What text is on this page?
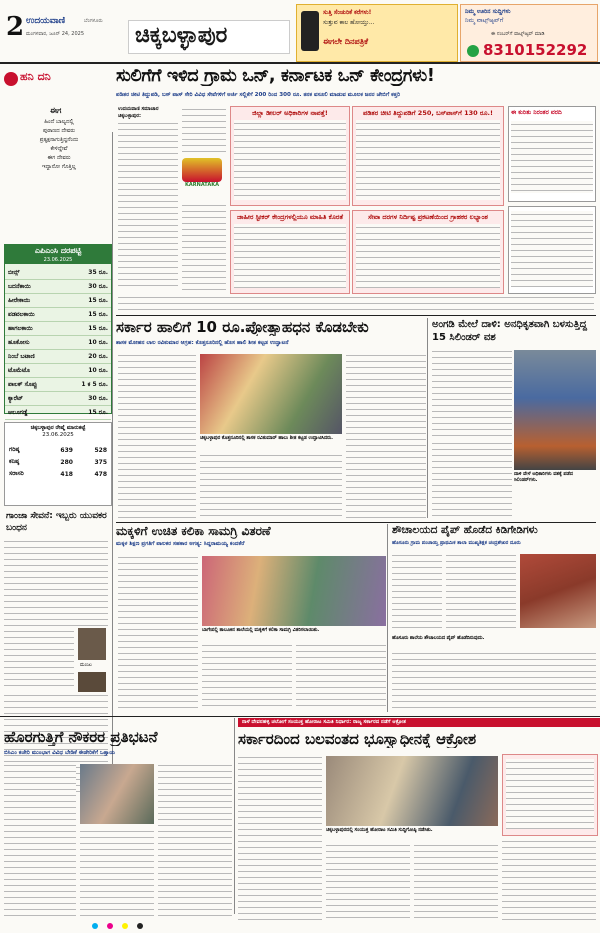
2 ಉದಯವಾಣಿ	ಬೆಂಗಳೂರು
ಮಂಗಳವಾರ, ಜೂನ್ 24, 2025 ಚಿಕ್ಕಬಳ್ಳಾಪುರ
ಸುತ್ತಿ ಸೆಂಚುರಿಕೆ ಕರೆಗಳು!
ಸುತ್ತುವ ಕಾಲ ಹೋಯ್ತು...
ಈಗಲೇ ದಿನಪತ್ರಿಕೆ
ನಿಮ್ಮ ಊರಿನ ಸುದ್ದಿಗಳು
ನಿಮ್ಮ ವಾಟ್ಸ್‌ಆ್ಯಪ್‌ಗೆ
8310152292
ಈ ನಂಬರ್‌ಗೆ ವಾಟ್ಸ್‌ಆ್ಯಪ್ ಮಾಡಿ
ಹನಿ ದನಿ
ಈಗ
ಹಿಂದೆ ಬಾಲ್ಯದಲ್ಲಿ
ಪುರಾಣದ ದೇವರು
ಪ್ರತ್ಯಕ್ಷನಾಗುತ್ತಿದ್ದನೆಂದು
ಕೇಳಿದ್ದೇವೆ
ಈಗ ದೇವರು
ಇದ್ದಾನೋ ಗೊತ್ತಿಲ್ಲ
ಎಪಿಎಂಸಿ ದರಪಟ್ಟಿ
23.06.2025
ಬೀನ್ಸ್	35 ರೂ.
ಬದನೆಕಾಯಿ	30 ರೂ.
ಹೀರೇಕಾಯಿ	15 ರೂ.
ಪಡವಲಕಾಯಿ	15 ರೂ.
ಹಾಗಲಕಾಯಿ	15 ರೂ.
ಹೂಕೋಸು	10 ರೂ.
ನಿಂಬೆ ಬಟಾಣಿ	20 ರೂ.
ಟೊಮೆಟೊ	10 ರೂ.
ಪಾಲಕ್ ಸೊಪ್ಪು	1 ಕ 5 ರೂ.
ಕ್ಯಾರೆಟ್	30 ರೂ.
ಆಲೂಗಡ್ಡೆ	15 ರೂ.
ಚಿಕ್ಕಬಳ್ಳಾಪುರ ರೇಷ್ಮೆ ಮಾರುಕಟ್ಟೆ
23.06.2025
ಗರಿಷ್ಠ	639	528
ಕನಿಷ್ಠ	280	375
ಸರಾಸರಿ	418	478
ಗಾಂಜಾ ಸೇವನೆ: ಇಬ್ಬರು ಯುವಕರ ಬಂಧನ
ಮಂಜು
ಸುಲಿಗೆಗೆ ಇಳಿದ ಗ್ರಾಮ ಒನ್, ಕರ್ನಾಟಕ ಒನ್ ಕೇಂದ್ರಗಳು!
ಪಡಿತರ ಚೀಟಿ ತಿದ್ದುಪಡಿ, ಬಸ್ ಪಾಸ್ ಸೇರಿ ವಿವಿಧ ಸೇವೆಗಳಿಗೆ ಅರ್ಜಿ ಸಲ್ಲಿಕೆಗೆ 200 ರಿಂದ 300 ರೂ. ತನಕ ವಸೂಲಿ ಮಾಡುವ ಮೂಲಕ ಜನರ ಜೇಬಿಗೆ ಕತ್ತರಿ
ಉದಯವಾಣಿ ಸಮಾಚಾರ
ಚಿಕ್ಕಬಳ್ಳಾಪುರ:
KARNATAKA
ಜಿಲ್ಲಾ ಡೀಲರ್ ಅಧಿಕಾರಿಗಳ ನಾಪತ್ತೆ!
ಜಾಹೀರ ಸ್ಟೀಕರ್ ಕೇಂದ್ರಗಳಲ್ಲಿಯೂ ಮಾಹಿತಿ ಕೊರತೆ
ಪಡಿತರ ಚೀಟಿ ತಿದ್ದುಪಡಿಗೆ 250, ಬಸ್‌ಪಾಸ್‌ಗೆ 130 ರೂ.!
ಸೇವಾ ದರಗಳ ನಿರ್ದಿಷ್ಟ ಪ್ರಕಟಣೆಯಿಂದ ಗ್ರಾಹಕರ ಲಭ್ಯಾಂಶ
ಈ ಕುರಿತು ನಿರಂತರ ವರದಿ
ಸರ್ಕಾರ ಹಾಲಿಗೆ 10 ರೂ.ಪ್ರೋತ್ಸಾಹಧನ ಕೊಡಬೇಕು
ಶಾಸಕ ಮೋಹನ ಲಾಲ ರವಿಕುಮಾರ ಆಗ್ರಹ: ಕೊತ್ತನೂರಿನಲ್ಲಿ ಹೊಸ ಹಾಲಿ ಶೀತ ಕಟ್ಟಡ ಉದ್ಘಾಟನೆ
ಚಿಕ್ಕಬಳ್ಳಾಪುರ ಕೊತ್ತನೂರಿನಲ್ಲಿ ಶಾಸಕ ರವಿಕುಮಾರ್ ಹಾಲು ಶೀತ ಕಟ್ಟಡ ಉದ್ಘಾಟಿಸಿದರು.
ಅಂಗಡಿ ಮೇಲೆ ದಾಳಿ: ಅನಧಿಕೃತವಾಗಿ ಬಳಸುತ್ತಿದ್ದ 15 ಸಿಲಿಂಡರ್ ವಶ
ದಾಳಿ ವೇಳೆ ಅಧಿಕಾರಿಗಳು ವಶಕ್ಕೆ ಪಡೆದ ಸಿಲಿಂಡರ್‌ಗಳು.
ಮಕ್ಕಳಿಗೆ ಉಚಿತ ಕಲಿಕಾ ಸಾಮಗ್ರಿ ವಿತರಣೆ
ಮಕ್ಕಳ ಶಿಕ್ಷಣ ಪ್ರಗತಿಗೆ ಪಾಲಕರ ಸಹಕಾರ ಅಗತ್ಯ: ಸಿದ್ದರಾಮಯ್ಯ ಕಂದಕೆರೆ
ಬಾಗೇಪಲ್ಲಿ ತಾಲೂಕಿನ ಶಾಲೆಯಲ್ಲಿ ಮಕ್ಕಳಿಗೆ ಕಲಿಕಾ ಸಾಮಗ್ರಿ ವಿತರಿಸಲಾಯಿತು.
ಶೌಚಾಲಯದ ಪೈಪ್ ಹೊಡೆದ ಕಿಡಿಗೇಡಿಗಳು
ಹೊಸೂರು ಗ್ರಾಮ ಪಂಚಾಯ್ತಿ ಪ್ರಾಥಮಿಕ ಶಾಲಾ ಮುಖ್ಯಶಿಕ್ಷಕ ಚಂದ್ರಶೇಖರ ದೂರು
ಹೊಸೂರು ಶಾಲೆಯ ಶೌಚಾಲಯದ ಪೈಪ್ ಹೊಡೆದಿರುವುದು.
ನಾಳೆ ದೇವನಹಳ್ಳಿ ಚಲೋಗೆ ಸಂಯುಕ್ತ ಹೋರಾಟ ಸಮಿತಿ ನಿರ್ಧಾರ: ರಾಜ್ಯ ಸರ್ಕಾರದ ನಡೆಗೆ ಆಕ್ರೋಶ
ಹೊರಗುತ್ತಿಗೆ ನೌಕರರ ಪ್ರತಿಭಟನೆ
ಬಿಸಿಎಂ ಕಚೇರಿ ಮುಂಭಾಗ ವಿವಿಧ ಬೇಡಿಕೆ ಈಡೇರಿಕೆಗೆ ಒತ್ತಾಯ
ಸರ್ಕಾರದಿಂದ ಬಲವಂತದ ಭೂಸ್ವಾಧೀನಕ್ಕೆ ಆಕ್ರೋಶ
ಚಿಕ್ಕಬಳ್ಳಾಪುರದಲ್ಲಿ ಸಂಯುಕ್ತ ಹೋರಾಟ ಸಮಿತಿ ಸುದ್ದಿಗೋಷ್ಠಿ ನಡೆಸಿತು.
